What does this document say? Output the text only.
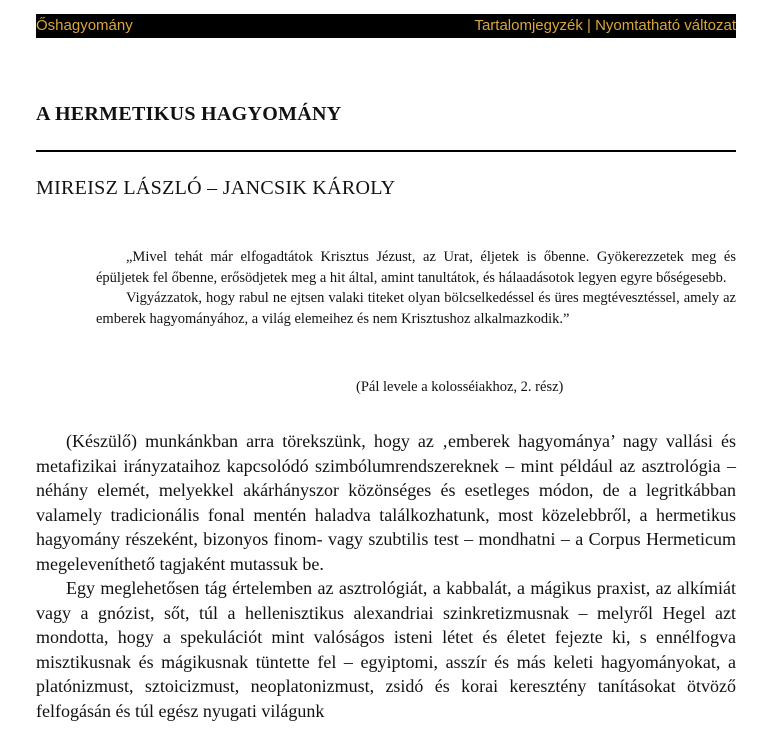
Őshagyomány	Tartalomjegyzék | Nyomtatható változat
A HERMETIKUS HAGYOMÁNY
MIREISZ LÁSZLÓ – JANCSIK KÁROLY

„Mivel tehát már elfogadtátok Krisztus Jézust, az Urat, éljetek is őbenne. Gyökerezzetek meg és épüljetek fel őbenne, erősödjetek meg a hit által, amint tanultátok, és hálaadásotok legyen egyre bőségesebb.

Vigyázzatok, hogy rabul ne ejtsen valaki titeket olyan bölcselkedéssel és üres megtévesztéssel, amely az emberek hagyományához, a világ elemeihez és nem Krisztushoz alkalmazkodik.”

(Pál levele a kolosséiakhoz, 2. rész)

(Készülő) munkánkban arra törekszünk, hogy az ‚emberek hagyománya’ nagy vallási és metafizikai irányzataihoz kapcsolódó szimbólumrendszereknek – mint például az asztrológia – néhány elemét, melyekkel akárhányszor közönséges és esetleges módon, de a legritkábban valamely tradicionális fonal mentén haladva találkozhatunk, most közelebbről, a hermetikus hagyomány részeként, bizonyos finom- vagy szubtilis test – mondhatni – a Corpus Hermeticum megeleveníthető tagjaként mutassuk be.

Egy meglehetősen tág értelemben az asztrológiát, a kabbalát, a mágikus praxist, az alkímiát vagy a gnózist, sőt, túl a hellenisztikus alexandriai szinkretizmusnak – melyről Hegel azt mondotta, hogy a spekulációt mint valóságos isteni létet és életet fejezte ki, s ennélfogva misztikusnak és mágikusnak tüntette fel – egyiptomi, asszír és más keleti hagyományokat, a platónizmust, sztoicizmust, neoplatonizmust, zsidó és korai keresztény tanításokat ötvöző felfogásán és túl egész nyugati világunk
